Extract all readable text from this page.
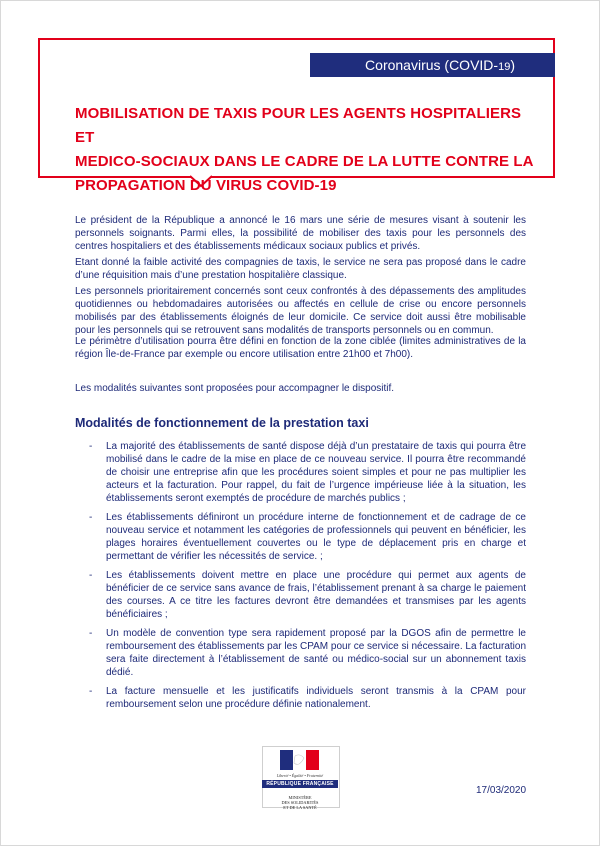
Coronavirus (COVID-19)
MOBILISATION DE TAXIS POUR LES AGENTS HOSPITALIERS ET
MEDICO-SOCIAUX DANS LE CADRE DE LA LUTTE CONTRE LA
PROPAGATION DU VIRUS COVID-19

Le président de la République a annoncé le 16 mars une série de mesures visant à soutenir les personnels soignants. Parmi elles, la possibilité de mobiliser des taxis pour les personnels des centres hospitaliers et des établissements médicaux sociaux publics et privés.

Etant donné la faible activité des compagnies de taxis, le service ne sera pas proposé dans le cadre d’une réquisition mais d’une prestation hospitalière classique.

Les personnels prioritairement concernés sont ceux confrontés à des dépassements des amplitudes quotidiennes ou hebdomadaires autorisées ou affectés en cellule de crise ou encore personnels mobilisés par des établissements éloignés de leur domicile. Ce service doit aussi être mobilisable pour les personnels qui se retrouvent sans modalités de transports personnels ou en commun.

Le périmètre d’utilisation pourra être défini en fonction de la zone ciblée (limites administratives de la région Île-de-France par exemple ou encore utilisation entre 21h00 et 7h00).

Les modalités suivantes sont proposées pour accompagner le dispositif.

Modalités de fonctionnement de la prestation taxi
- La majorité des établissements de santé dispose déjà d’un prestataire de taxis qui pourra être mobilisé dans le cadre de la mise en place de ce nouveau service. Il pourra être recommandé de choisir une entreprise afin que les procédures soient simples et pour ne pas multiplier les acteurs et la facturation. Pour rappel, du fait de l’urgence impérieuse liée à la situation, les établissements seront exemptés de procédure de marchés publics ;
- Les établissements définiront un procédure interne de fonctionnement et de cadrage de ce nouveau service et notamment les catégories de professionnels qui peuvent en bénéficier, les plages horaires éventuellement couvertes ou le type de déplacement pris en charge et permettant de vérifier les nécessités de service. ;
- Les établissements doivent mettre en place une procédure qui permet aux agents de bénéficier de ce service sans avance de frais, l’établissement prenant à sa charge le paiement des courses. A ce titre les factures devront être demandées et transmises par les agents bénéficiaires ;
- Un modèle de convention type sera rapidement proposé par la DGOS afin de permettre le remboursement des établissements par les CPAM pour ce service si nécessaire. La facturation sera faite directement à l’établissement de santé ou médico-social sur un abonnement taxis dédié.
- La facture mensuelle et les justificatifs individuels seront transmis à la CPAM pour remboursement selon une procédure définie nationalement.
Liberté • Égalité • Fraternité
RÉPUBLIQUE FRANÇAISE
MINISTÈRE
DES SOLIDARITÉS
ET DE LA SANTÉ
17/03/2020
